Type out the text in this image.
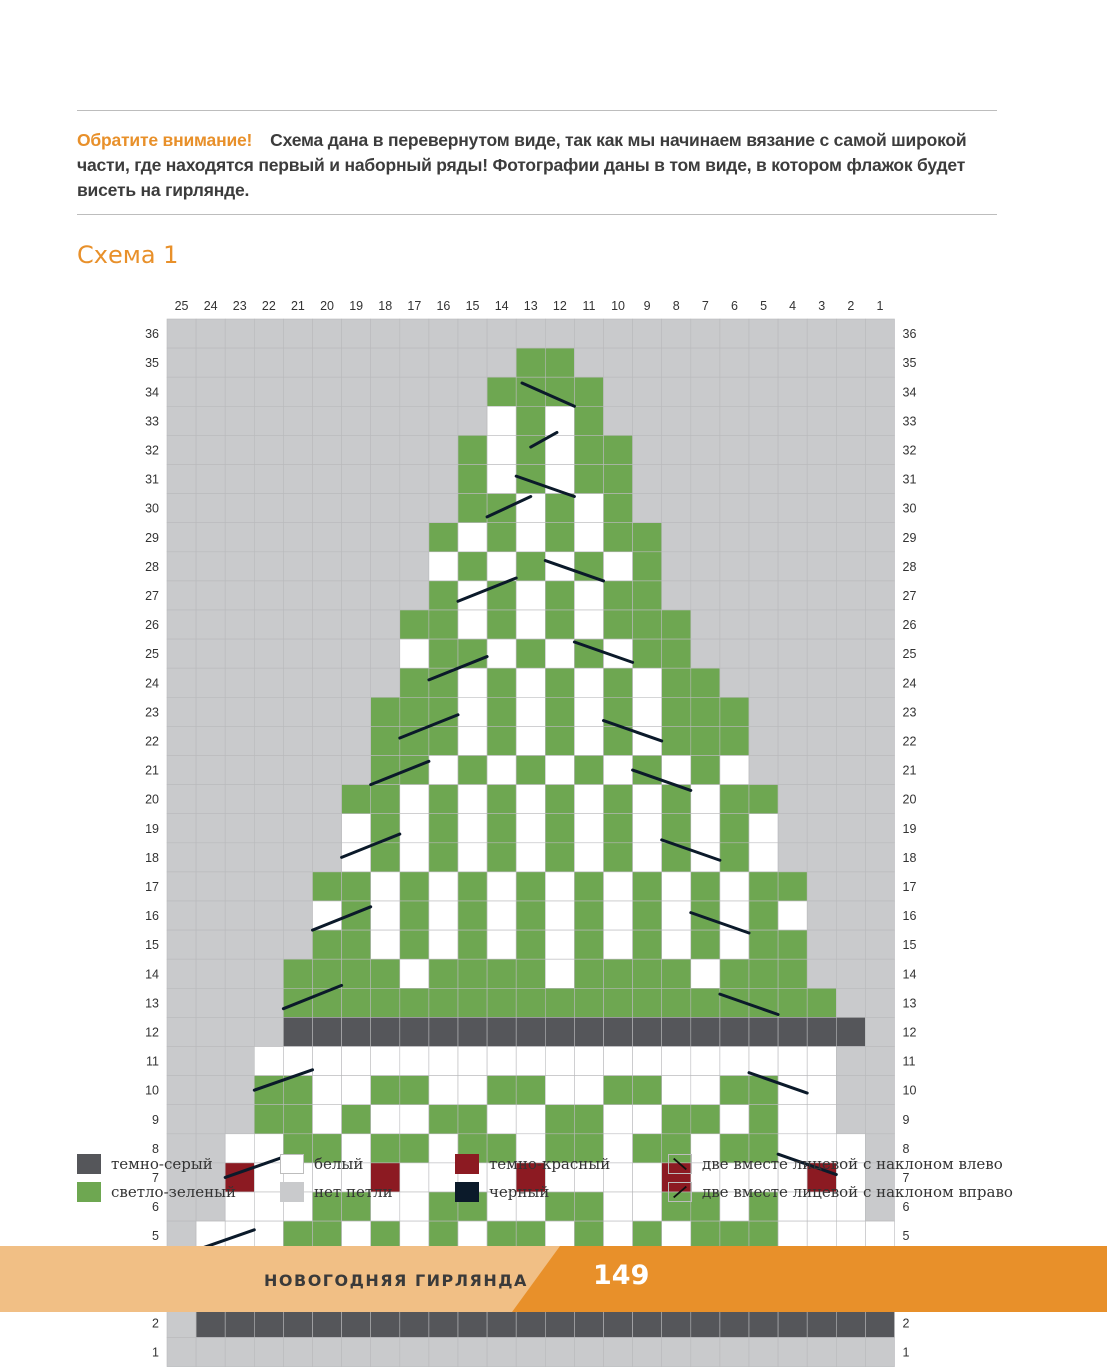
Обратите внимание! Схема дана в перевернутом виде, так как мы начинаем вязание с самой широкой части, где находятся первый и наборный ряды! Фотографии даны в том виде, в котором флажок будет висеть на гирлянде.
Схема 1
25 24 23 22 21 20 19 18 17 16 15 14 13 12 11 10 9 8 7 6 5 4 3 2 1
36	36
35	35
34	34
33	33
32	32
31	31
30	30
29	29
28	28
27	27
26	26
25	25
24	24
23	23
22	22
21	21
20	20
19	19
18	18
17	17
16	16
15	15
14	14
13	13
12	12
11	11
10	10
9	9
8	8
7	7
6	6
5	5
2	2
1	1
темно-серый	белый	темно-красный	две вместе лицевой с наклоном влево
светло-зеленый	нет петли	черный	две вместе лицевой с наклоном вправо
НОВОГОДНЯЯ ГИРЛЯНДА 149
